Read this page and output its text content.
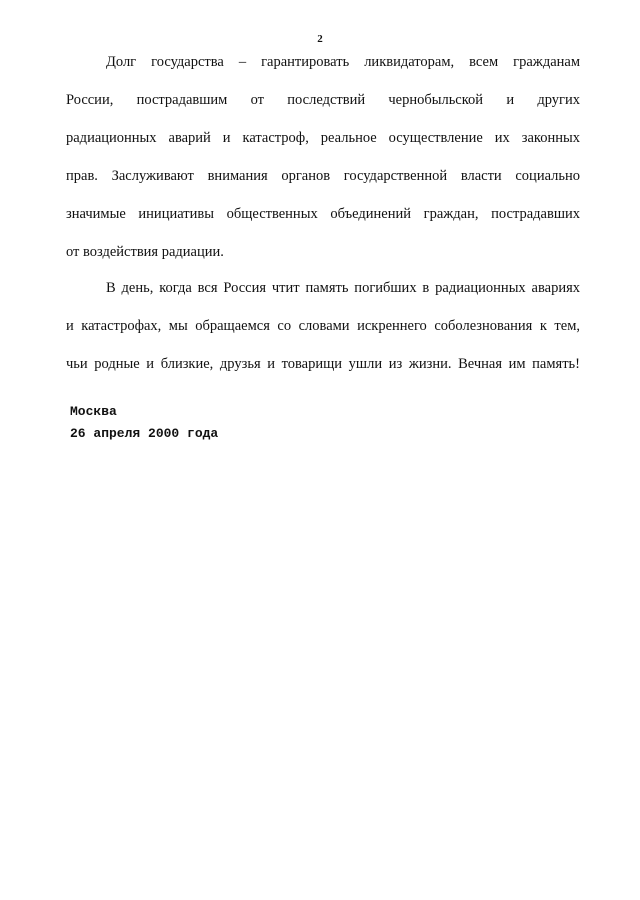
2
Долг государства – гарантировать ликвидаторам, всем гражданам
России, пострадавшим от последствий чернобыльской и других
радиационных аварий и катастроф, реальное осуществление их законных
прав. Заслуживают внимания органов государственной власти социально
значимые инициативы общественных объединений граждан, пострадавших
от воздействия радиации.
В день, когда вся Россия чтит память погибших в радиационных авариях
и катастрофах, мы обращаемся со словами искреннего соболезнования к тем,
чьи родные и близкие, друзья и товарищи ушли из жизни. Вечная им память!
Москва
26 апреля 2000 года
